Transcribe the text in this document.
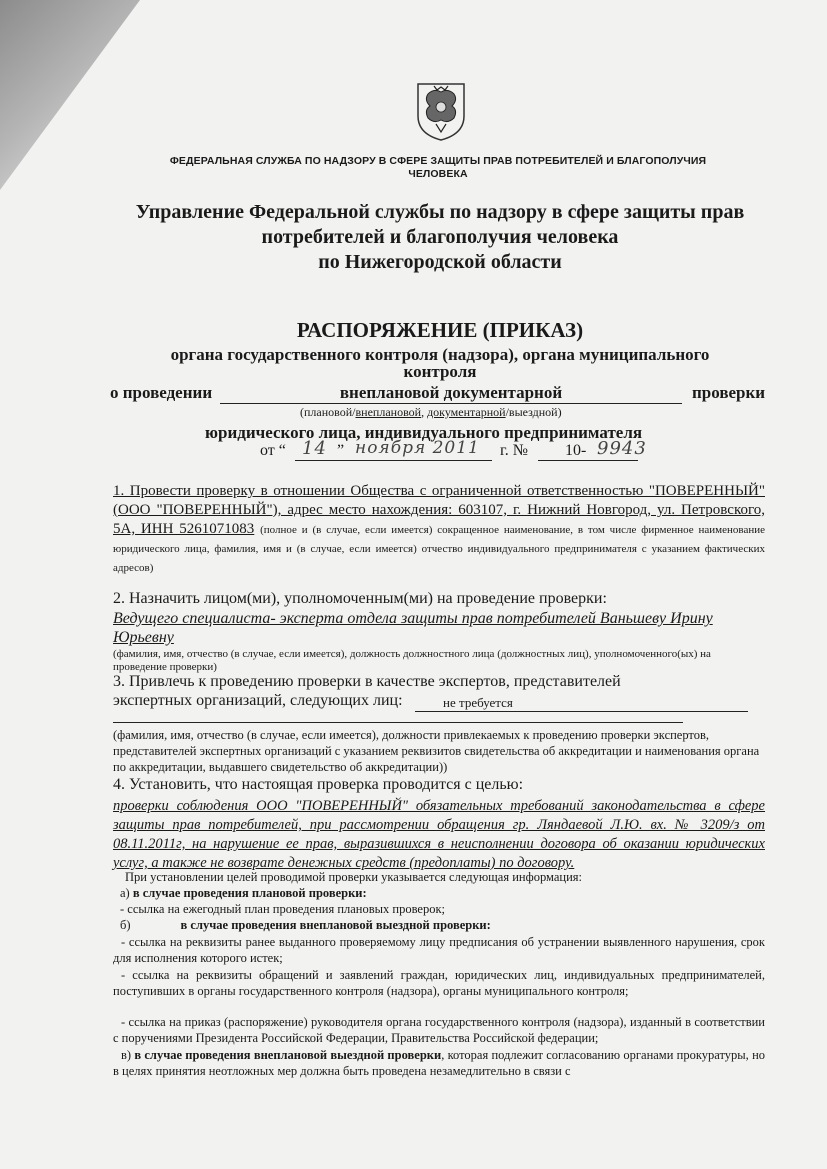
ФЕДЕРАЛЬНАЯ СЛУЖБА ПО НАДЗОРУ В СФЕРЕ ЗАЩИТЫ ПРАВ ПОТРЕБИТЕЛЕЙ И БЛАГОПОЛУЧИЯ
ЧЕЛОВЕКА
Управление Федеральной службы по надзору в сфере защиты прав
потребителей и благополучия человека
по Нижегородской области
РАСПОРЯЖЕНИЕ (ПРИКАЗ)
органа государственного контроля (надзора), органа муниципального
контроля
о проведении	внеплановой документарной	проверки
(плановой/внеплановой, документарной/выездной)
юридического лица, индивидуального предпринимателя
от “ 14 ” ноября 2011 г. № 10- 9943
1. Провести проверку в отношении Общества с ограниченной ответственностью "ПОВЕРЕННЫЙ" (ООО "ПОВЕРЕННЫЙ"), адрес место нахождения: 603107, г. Нижний Новгород, ул. Петровского, 5А, ИНН 5261071083 (полное и (в случае, если имеется) сокращенное наименование, в том числе фирменное наименование юридического лица, фамилия, имя и (в случае, если имеется) отчество индивидуального предпринимателя с указанием фактических адресов)
2. Назначить лицом(ми), уполномоченным(ми) на проведение проверки:
Ведущего специалиста- эксперта отдела защиты прав потребителей Ваньшеву Ирину Юрьевну
(фамилия, имя, отчество (в случае, если имеется), должность должностного лица (должностных лиц), уполномоченного(ых) на проведение проверки)
3. Привлечь к проведению проверки в качестве экспертов, представителей
экспертных организаций, следующих лиц:	не требуется
(фамилия, имя, отчество (в случае, если имеется), должности привлекаемых к проведению проверки экспертов, представителей экспертных организаций с указанием реквизитов свидетельства об аккредитации и наименования органа по аккредитации, выдавшего свидетельство об аккредитации))
4. Установить, что настоящая проверка проводится с целью:
проверки соблюдения ООО "ПОВЕРЕННЫЙ" обязательных требований законодательства в сфере защиты прав потребителей, при рассмотрении обращения гр. Ляндаевой Л.Ю. вх. № 3209/з от 08.11.2011г, на нарушение ее прав, выразившихся в неисполнении договора об оказании юридических услуг, а также не возврате денежных средств (предоплаты) по договору.
При установлении целей проводимой проверки указывается следующая информация:
а) в случае проведения плановой проверки:
- ссылка на ежегодный план проведения плановых проверок;
б)	в случае проведения внеплановой выездной проверки:
- ссылка на реквизиты ранее выданного проверяемому лицу предписания об устранении выявленного нарушения, срок для исполнения которого истек;
- ссылка на реквизиты обращений и заявлений граждан, юридических лиц, индивидуальных предпринимателей, поступивших в органы государственного контроля (надзора), органы муниципального контроля;
- ссылка на приказ (распоряжение) руководителя органа государственного контроля (надзора), изданный в соответствии с поручениями Президента Российской Федерации, Правительства Российской федерации;
в) в случае проведения внеплановой выездной проверки, которая подлежит согласованию органами прокуратуры, но в целях принятия неотложных мер должна быть проведена незамедлительно в связи с
